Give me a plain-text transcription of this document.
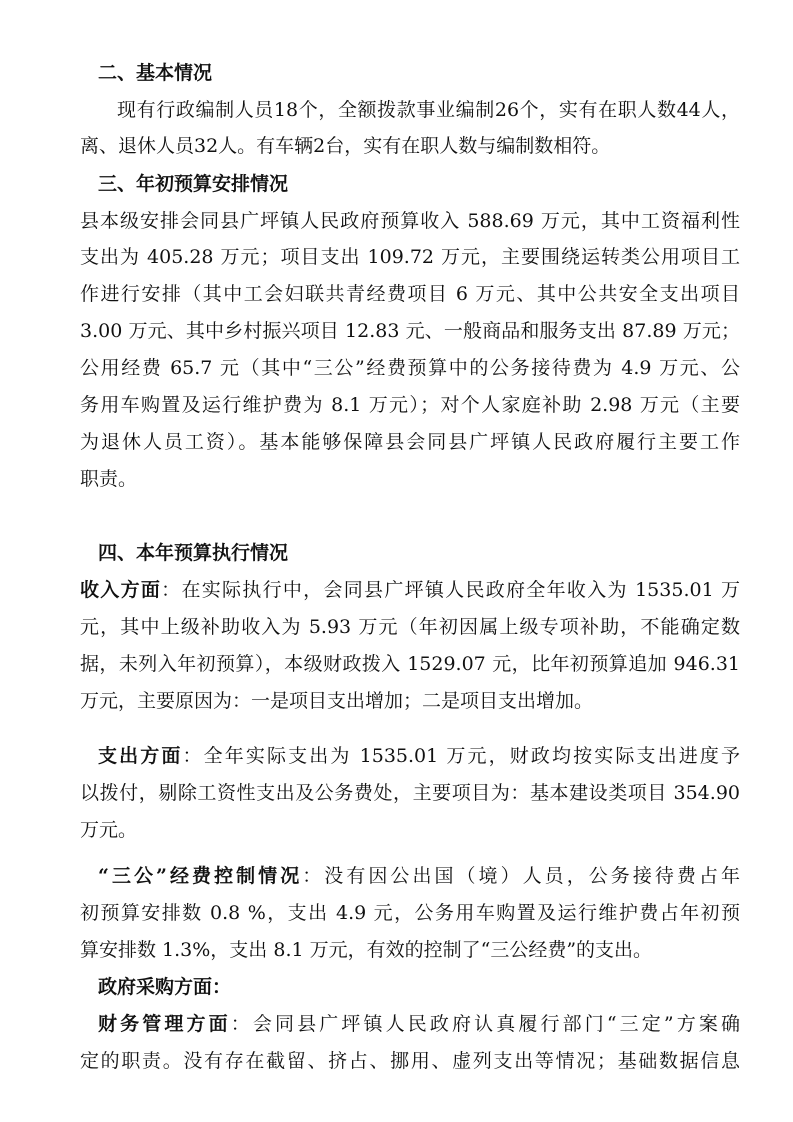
二、基本情况
现有行政编制人员18个，全额拨款事业编制26个，实有在职人数44人，
离、退休人员32人。有车辆2台，实有在职人数与编制数相符。
三、年初预算安排情况
县本级安排会同县广坪镇人民政府预算收入 588.69 万元，其中工资福利性
支出为 405.28 万元；项目支出 109.72 万元，主要围绕运转类公用项目工
作进行安排（其中工会妇联共青经费项目 6 万元、其中公共安全支出项目
3.00 万元、其中乡村振兴项目 12.83 元、一般商品和服务支出 87.89 万元；
公用经费 65.7 元（其中“三公”经费预算中的公务接待费为 4.9 万元、公
务用车购置及运行维护费为 8.1 万元）；对个人家庭补助 2.98 万元（主要
为退休人员工资）。基本能够保障县会同县广坪镇人民政府履行主要工作
职责。
四、本年预算执行情况
收入方面：在实际执行中，会同县广坪镇人民政府全年收入为 1535.01 万
元，其中上级补助收入为 5.93 万元（年初因属上级专项补助，不能确定数
据，未列入年初预算），本级财政拨入 1529.07 元，比年初预算追加 946.31
万元，主要原因为：一是项目支出增加；二是项目支出增加。
支出方面：全年实际支出为 1535.01 万元，财政均按实际支出进度予
以拨付，剔除工资性支出及公务费处，主要项目为：基本建设类项目 354.90
万元。
“三公”经费控制情况：没有因公出国（境）人员，公务接待费占年
初预算安排数 0.8 %，支出 4.9 元，公务用车购置及运行维护费占年初预
算安排数 1.3%，支出 8.1 万元，有效的控制了“三公经费”的支出。
政府采购方面：
财务管理方面：会同县广坪镇人民政府认真履行部门“三定”方案确
定的职责。没有存在截留、挤占、挪用、虚列支出等情况；基础数据信息
